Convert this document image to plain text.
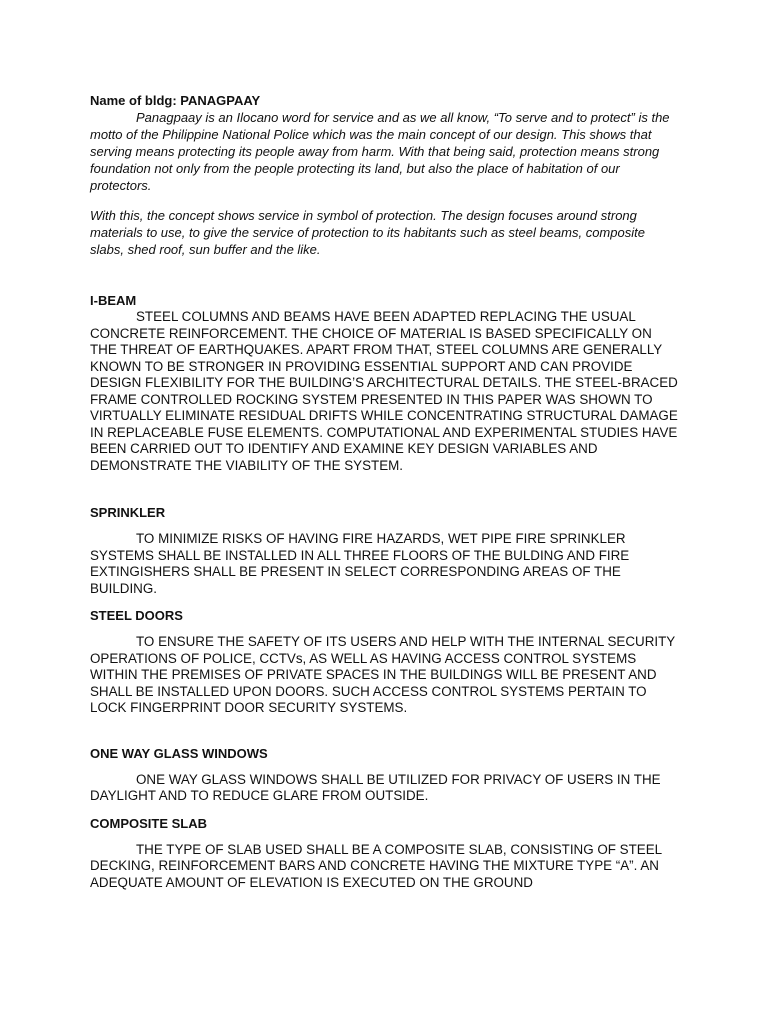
Name of bldg: PANAGPAAY

Panagpaay is an Ilocano word for service and as we all know, “To serve and to protect” is the motto of the Philippine National Police which was the main concept of our design. This shows that serving means protecting its people away from harm. With that being said, protection means strong foundation not only from the people protecting its land, but also the place of habitation of our protectors.

With this, the concept shows service in symbol of protection. The design focuses around strong materials to use, to give the service of protection to its habitants such as steel beams, composite slabs, shed roof, sun buffer and the like.

I-BEAM

STEEL COLUMNS AND BEAMS HAVE BEEN ADAPTED REPLACING THE USUAL CONCRETE REINFORCEMENT. THE CHOICE OF MATERIAL IS BASED SPECIFICALLY ON THE THREAT OF EARTHQUAKES. APART FROM THAT, STEEL COLUMNS ARE GENERALLY KNOWN TO BE STRONGER IN PROVIDING ESSENTIAL SUPPORT AND CAN PROVIDE DESIGN FLEXIBILITY FOR THE BUILDING’S ARCHITECTURAL DETAILS. THE STEEL-BRACED FRAME CONTROLLED ROCKING SYSTEM PRESENTED IN THIS PAPER WAS SHOWN TO VIRTUALLY ELIMINATE RESIDUAL DRIFTS WHILE CONCENTRATING STRUCTURAL DAMAGE IN REPLACEABLE FUSE ELEMENTS. COMPUTATIONAL AND EXPERIMENTAL STUDIES HAVE BEEN CARRIED OUT TO IDENTIFY AND EXAMINE KEY DESIGN VARIABLES AND DEMONSTRATE THE VIABILITY OF THE SYSTEM.

SPRINKLER

TO MINIMIZE RISKS OF HAVING FIRE HAZARDS, WET PIPE FIRE SPRINKLER SYSTEMS SHALL BE INSTALLED IN ALL THREE FLOORS OF THE BULDING AND FIRE EXTINGISHERS SHALL BE PRESENT IN SELECT CORRESPONDING AREAS OF THE BUILDING.

STEEL DOORS

TO ENSURE THE SAFETY OF ITS USERS AND HELP WITH THE INTERNAL SECURITY OPERATIONS OF POLICE, CCTVs, AS WELL AS HAVING ACCESS CONTROL SYSTEMS WITHIN THE PREMISES OF PRIVATE SPACES IN THE BUILDINGS WILL BE PRESENT AND SHALL BE INSTALLED UPON DOORS. SUCH ACCESS CONTROL SYSTEMS PERTAIN TO LOCK FINGERPRINT DOOR SECURITY SYSTEMS.

ONE WAY GLASS WINDOWS

ONE WAY GLASS WINDOWS SHALL BE UTILIZED FOR PRIVACY OF USERS IN THE DAYLIGHT AND TO REDUCE GLARE FROM OUTSIDE.

COMPOSITE SLAB

THE TYPE OF SLAB USED SHALL BE A COMPOSITE SLAB, CONSISTING OF STEEL DECKING, REINFORCEMENT BARS AND CONCRETE HAVING THE MIXTURE TYPE “A”. AN ADEQUATE AMOUNT OF ELEVATION IS EXECUTED ON THE GROUND
